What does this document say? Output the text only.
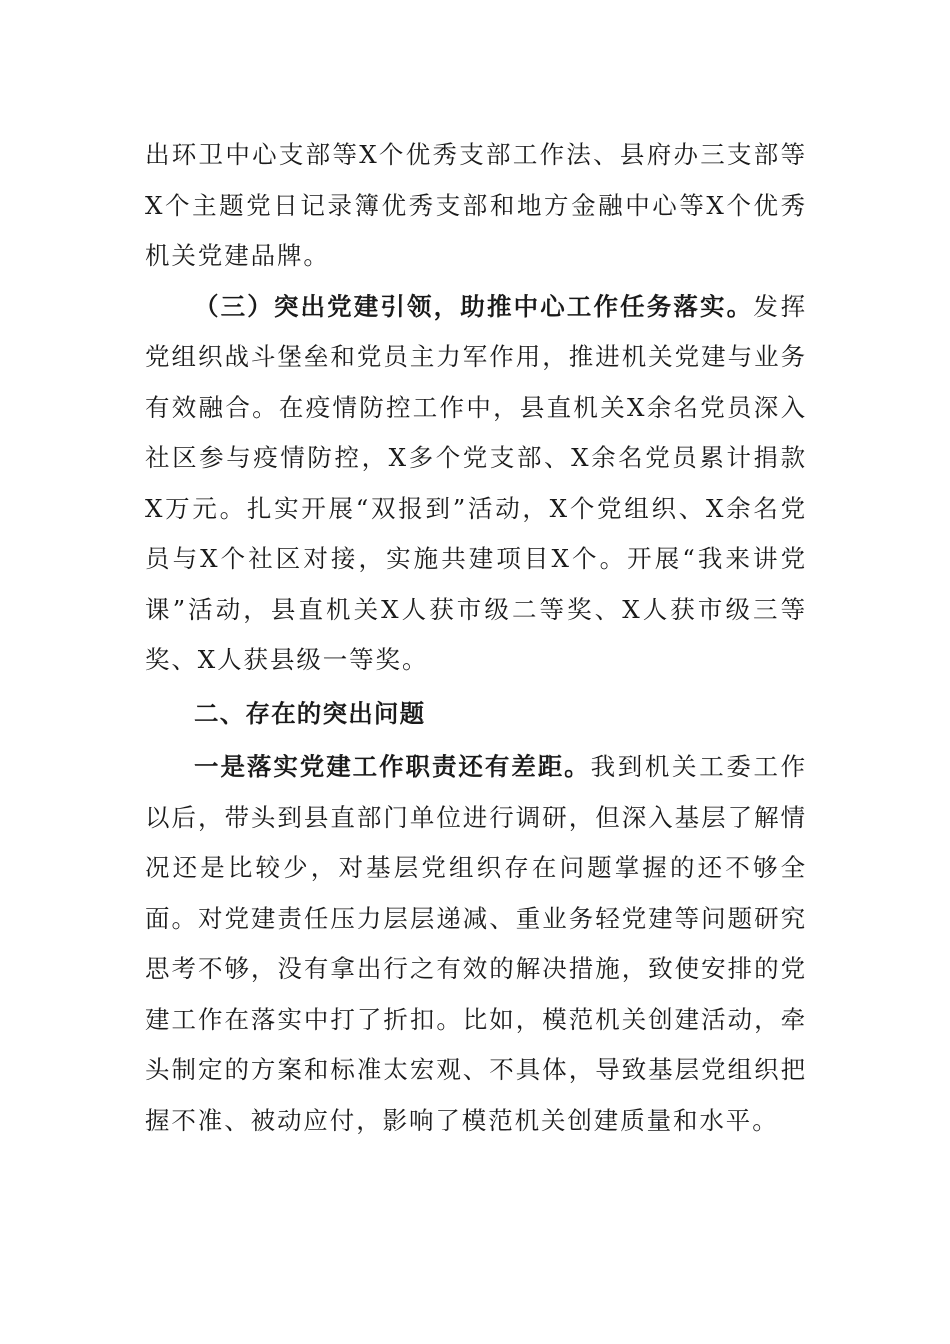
出环卫中心支部等X个优秀支部工作法、县府办三支部等X个主题党日记录簿优秀支部和地方金融中心等X个优秀机关党建品牌。

（三）突出党建引领，助推中心工作任务落实。发挥党组织战斗堡垒和党员主力军作用，推进机关党建与业务有效融合。在疫情防控工作中，县直机关X余名党员深入社区参与疫情防控，X多个党支部、X余名党员累计捐款X万元。扎实开展“双报到”活动，X个党组织、X余名党员与X个社区对接，实施共建项目X个。开展“我来讲党课”活动，县直机关X人获市级二等奖、X人获市级三等奖、X人获县级一等奖。

二、存在的突出问题

一是落实党建工作职责还有差距。我到机关工委工作以后，带头到县直部门单位进行调研，但深入基层了解情况还是比较少，对基层党组织存在问题掌握的还不够全面。对党建责任压力层层递减、重业务轻党建等问题研究思考不够，没有拿出行之有效的解决措施，致使安排的党建工作在落实中打了折扣。比如，模范机关创建活动，牵头制定的方案和标准太宏观、不具体，导致基层党组织把握不准、被动应付，影响了模范机关创建质量和水平。
